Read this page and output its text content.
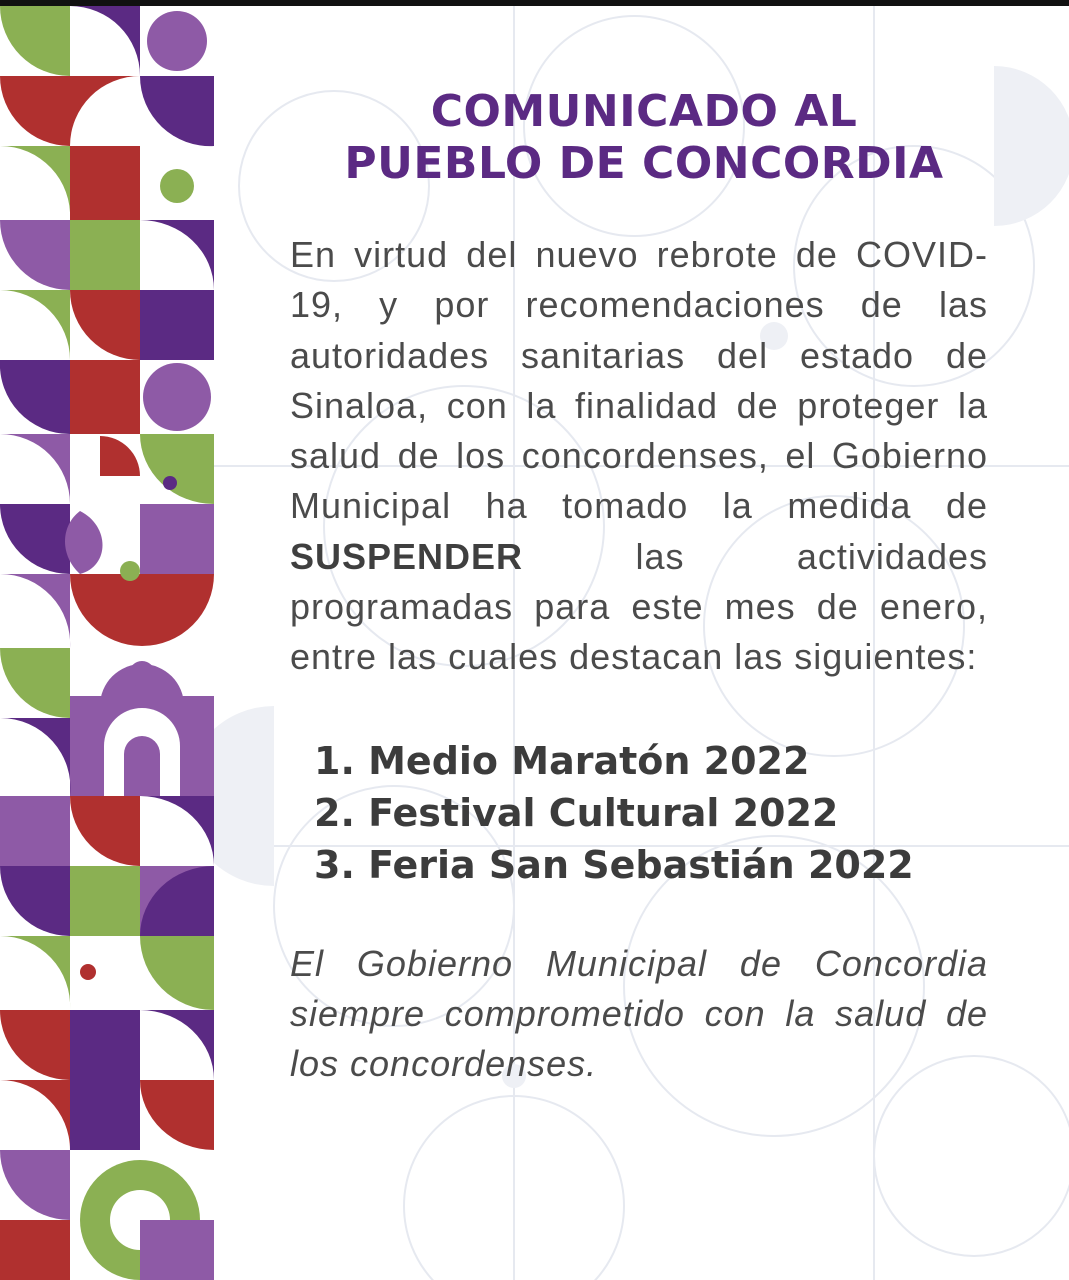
COMUNICADO AL
PUEBLO DE CONCORDIA

En virtud del nuevo rebrote de COVID-19, y por recomendaciones de las autoridades sanitarias del estado de Sinaloa, con la finalidad de proteger la salud de los concordenses, el Gobierno Municipal ha tomado la medida de SUSPENDER	las actividades programadas para este mes de enero, entre las cuales destacan las siguientes:

1. Medio Maratón 2022
2. Festival Cultural 2022
3. Feria San Sebastián 2022

El Gobierno Municipal de Concordia siempre comprometido con la salud de los concordenses.
